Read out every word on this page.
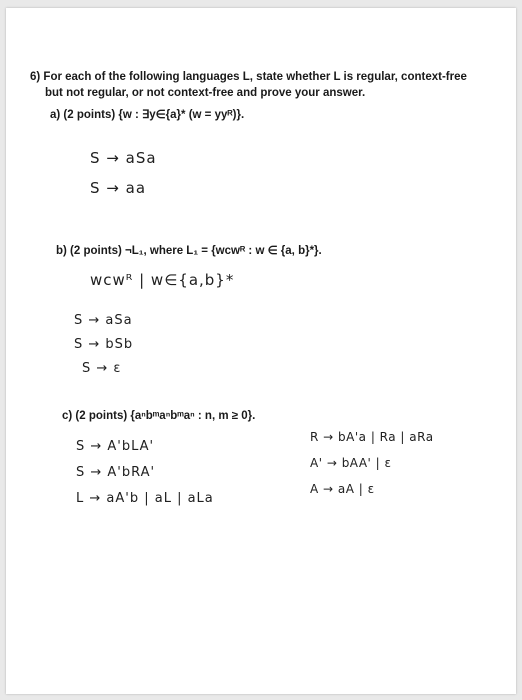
6) For each of the following languages L, state whether L is regular, context-free
but not regular, or not context-free and prove your answer.
a) (2 points) {w : ∃y∈{a}* (w = yyᴿ)}.
S → aSa
S → aa
b) (2 points) ¬L₁, where L₁ = {wcwᴿ : w ∈ {a, b}*}.
wcwᴿ | w∈{a,b}*
S → aSa
S → bSb
S → ε
c) (2 points) {aⁿbᵐaⁿbᵐaⁿ : n, m ≥ 0}.
S → A'bLA'
S → A'bRA'
L → aA'b | aL | aLa
R → bA'a | Ra | aRa
A' → bAA' | ε
A → aA | ε
